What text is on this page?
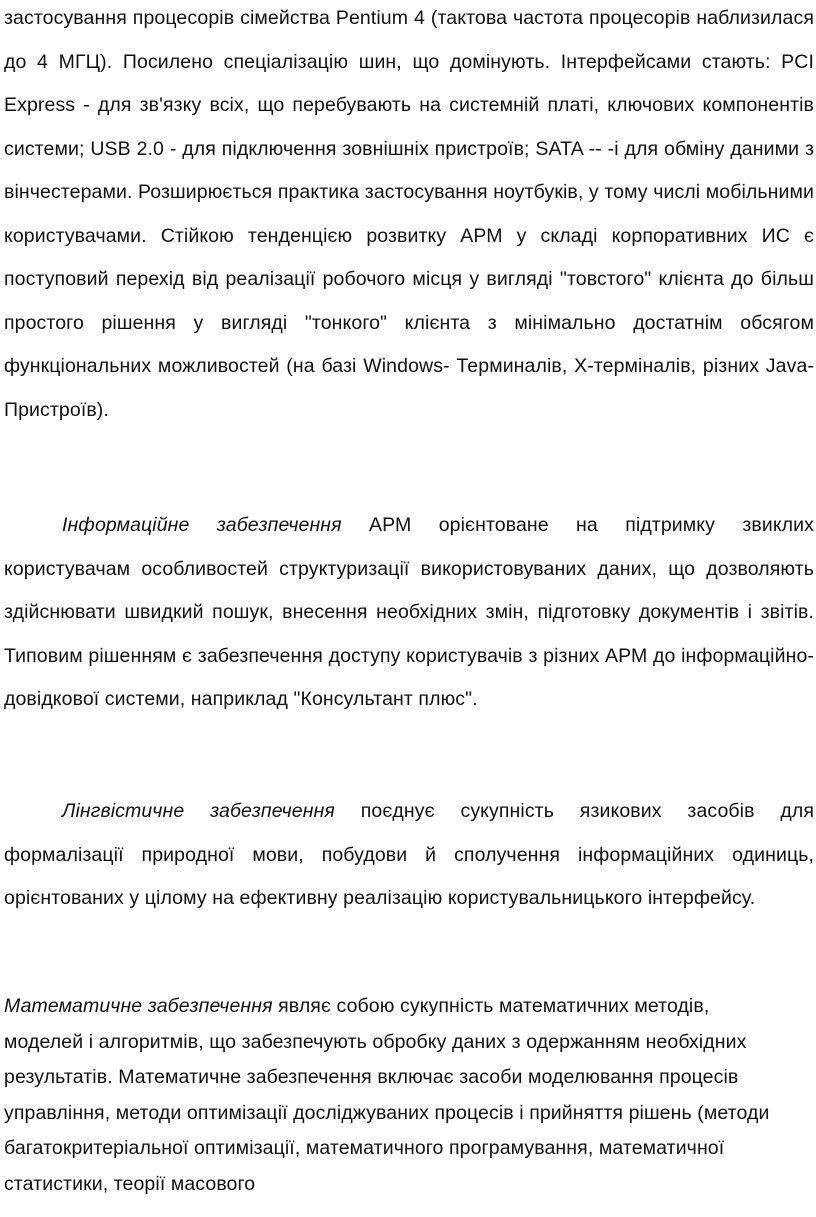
застосування процесорів сімейства Pentium 4 (тактова частота процесорів наблизилася до 4 МГЦ). Посилено спеціалізацію шин, що домінують. Інтерфейсами стають: PCI Express - для зв'язку всіх, що перебувають на системній платі, ключових компонентів системи; USB 2.0 - для підключення зовнішніх пристроїв; SATA -- -і для обміну даними з вінчестерами. Розширюється практика застосування ноутбуків, у тому числі мобільними користувачами. Стійкою тенденцією розвитку АРМ у складі корпоративних ИС є поступовий перехід від реалізації робочого місця у вигляді "товстого" клієнта до більш простого рішення у вигляді "тонкого" клієнта з мінімально достатнім обсягом функціональних можливостей (на базі Windows- Терминалів, X-терміналів, різних Java- Пристроїв).

Інформаційне забезпечення АРМ орієнтоване на підтримку звиклих користувачам особливостей структуризації використовуваних даних, що дозволяють здійснювати швидкий пошук, внесення необхідних змін, підготовку документів і звітів. Типовим рішенням є забезпечення доступу користувачів з різних АРМ до інформаційно-довідкової системи, наприклад "Консультант плюс".

Лінгвістичне забезпечення поєднує сукупність язикових засобів для формалізації природної мови, побудови й сполучення інформаційних одиниць, орієнтованих у цілому на ефективну реалізацію користувальницького інтерфейсу.

Математичне забезпечення являє собою сукупність математичних методів, моделей і алгоритмів, що забезпечують обробку даних з одержанням необхідних результатів. Математичне забезпечення включає засоби моделювання процесів управління, методи оптимізації досліджуваних процесів і прийняття рішень (методи багатокритеріальної оптимізації, математичного програмування, математичної статистики, теорії масового
